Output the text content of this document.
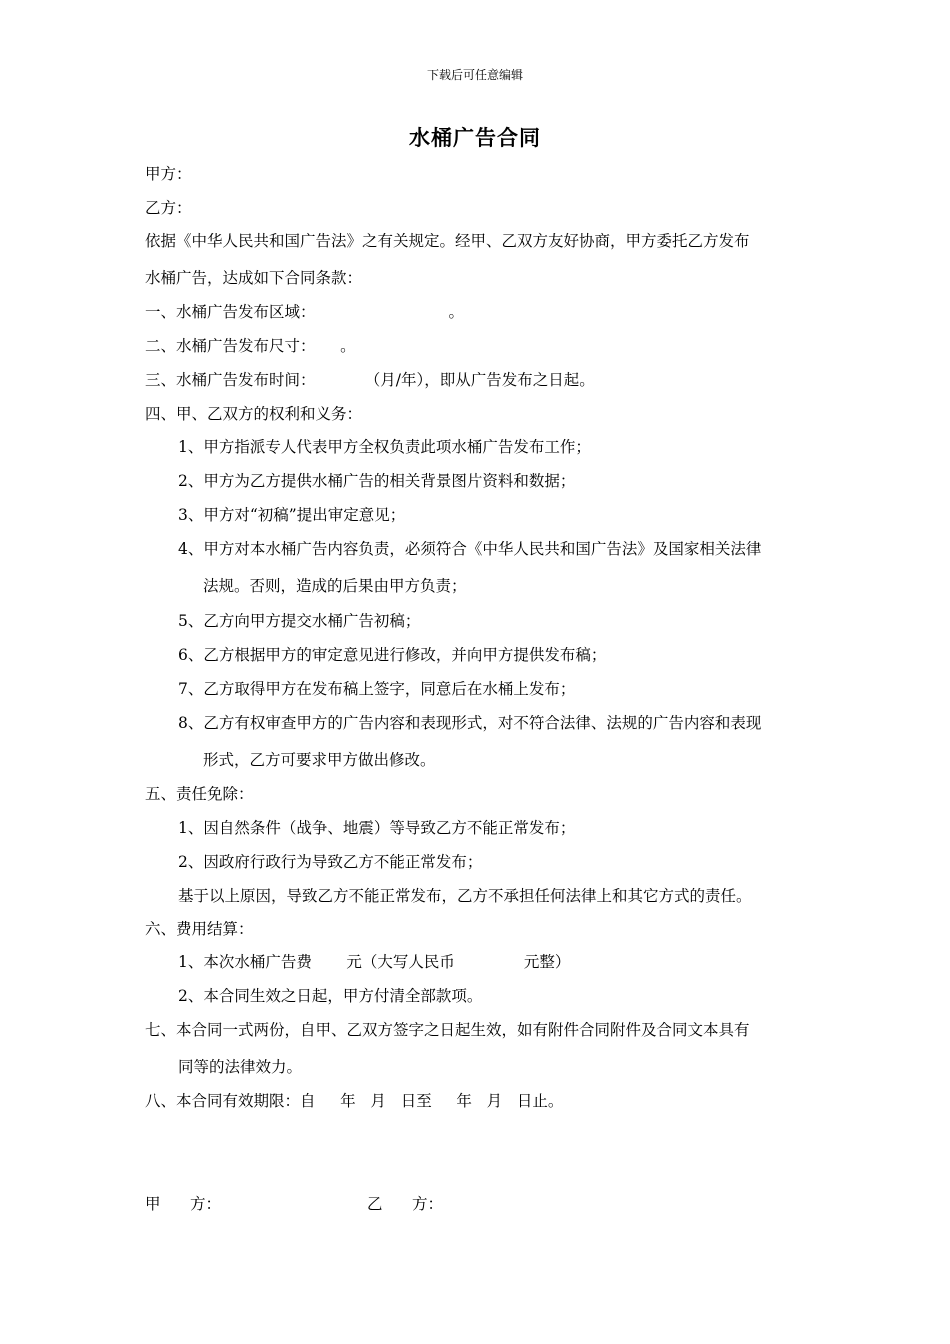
下载后可任意编辑
水桶广告合同
甲方：
乙方：
依据《中华人民共和国广告法》之有关规定。经甲、乙双方友好协商，甲方委托乙方发布
水桶广告，达成如下合同条款：
一、水桶广告发布区域：                           。
二、水桶广告发布尺寸：     。
三、水桶广告发布时间：          （月/年），即从广告发布之日起。
四、甲、乙双方的权利和义务：
1、甲方指派专人代表甲方全权负责此项水桶广告发布工作；
2、甲方为乙方提供水桶广告的相关背景图片资料和数据；
3、甲方对“初稿”提出审定意见；
4、甲方对本水桶广告内容负责，必须符合《中华人民共和国广告法》及国家相关法律
法规。否则，造成的后果由甲方负责；
5、乙方向甲方提交水桶广告初稿；
6、乙方根据甲方的审定意见进行修改，并向甲方提供发布稿；
7、乙方取得甲方在发布稿上签字，同意后在水桶上发布；
8、乙方有权审查甲方的广告内容和表现形式，对不符合法律、法规的广告内容和表现
形式，乙方可要求甲方做出修改。
五、责任免除：
1、因自然条件（战争、地震）等导致乙方不能正常发布；
2、因政府行政行为导致乙方不能正常发布；
基于以上原因，导致乙方不能正常发布，乙方不承担任何法律上和其它方式的责任。
六、费用结算：
1、本次水桶广告费       元（大写人民币              元整）
2、本合同生效之日起，甲方付清全部款项。
七、本合同一式两份，自甲、乙双方签字之日起生效，如有附件合同附件及合同文本具有
同等的法律效力。
八、本合同有效期限：自     年   月   日至     年   月   日止。
甲      方：	乙      方：
